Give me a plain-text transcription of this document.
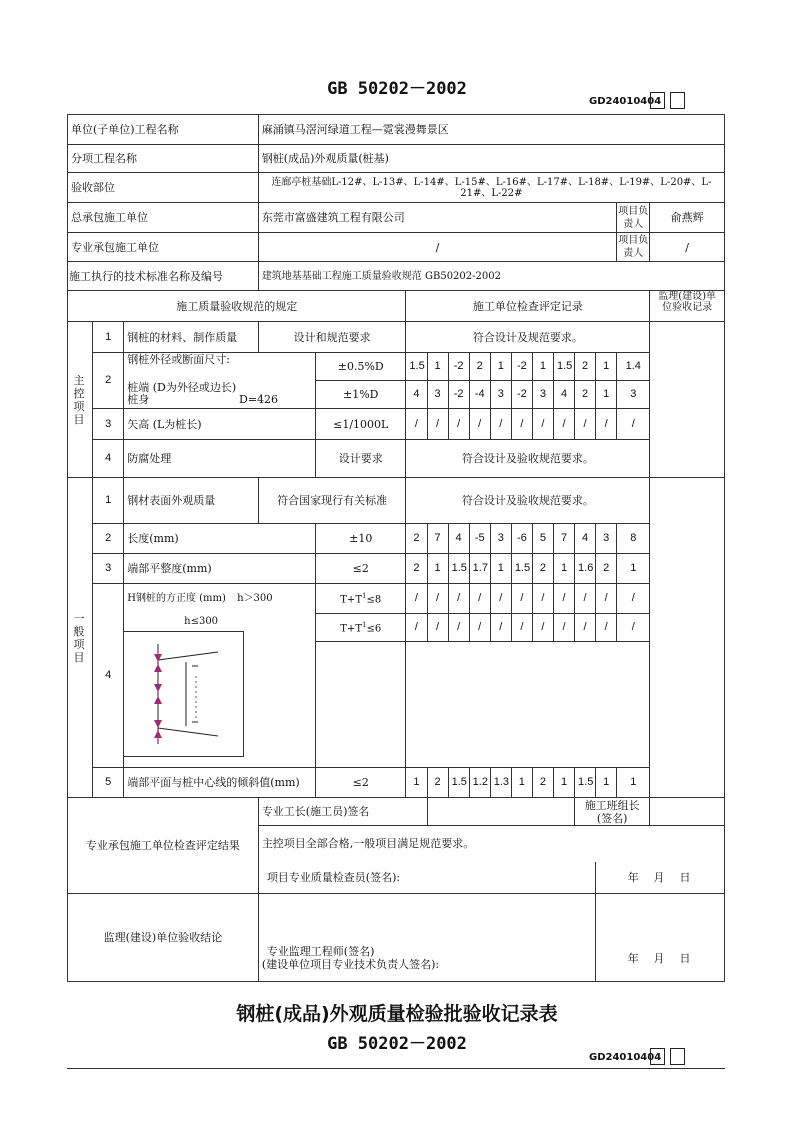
GB 50202－2002
GD24010404
单位(子单位)工程名称			麻涌镇马滘河绿道工程—霓裳漫舞景区													
分项工程名称			钢桩(成品)外观质量(桩基)													
验收部位			连廊亭桩基础L-12#、L-13#、L-14#、L-15#、L-16#、L-17#、L-18#、L-19#、L-20#、L-21#、L-22#													
总承包施工单位			东莞市富盛建筑工程有限公司												项目负责人	俞燕辉
专业承包施工单位			/												项目负责人	/
施工执行的技术标准名称及编号			建筑地基基础工程施工质量验收规范 GB50202-2002													
施工质量验收规范的规定					施工单位检查评定记录											监理(建设)单位验收记录
主控项目	1	钢桩的材料、制作质量	设计和规范要求		符合设计及规范要求。											
	2	钢桩外径或断面尺寸:		±0.5%D	1.5	1	-2	2	1	-2	1	1.5	2	1	1.4	

		桩端 (D为外径或边长)
桩身 D=426		±1%D	4	3	-2	-4	3	-2	3	4	2	1	3	
	3	矢高 (L为桩长)		≤1/1000L	/	/	/	/	/	/	/	/	/	/	/	
	4	防腐处理		设计要求	符合设计及验收规范要求。											
一般项目	1	钢材表面外观质量	符合国家现行有关标准		符合设计及验收规范要求。											
	2	长度(mm)		±10	2	7	4	-5	3	-6	5	7	4	3	8	
	3	端部平整度(mm)		≤2	2	1	1.5	1.7	1	1.5	2	1	1.6	2	1	
	4	H钢桩的方正度 (mm) h＞300		$T+T^1\le 8$	/	/	/	/	/	/	/	/	/	/	/	

		h≤300		$T+T^1\le 6$	/	/	/	/	/	/	/	/	/	/	/	

	5	端部平面与桩中心线的倾斜值(mm)		≤2	1	2	1.5	1.2	1.3	1	2	1	1.5	1	1	
专业承包施工单位检查评定结果			专业工长(施工员)签名										施工班组长(签名)			
			主控项目全部合格,一般项目满足规范要求。													
			项目专业质量检查员(签名):											年　月　日		
监理(建设)单位验收结论			专业监理工程师(签名)
(建设单位项目专业技术负责人签名):											年　月　日		
钢桩(成品)外观质量检验批验收记录表
GB 50202－2002
GD24010404
